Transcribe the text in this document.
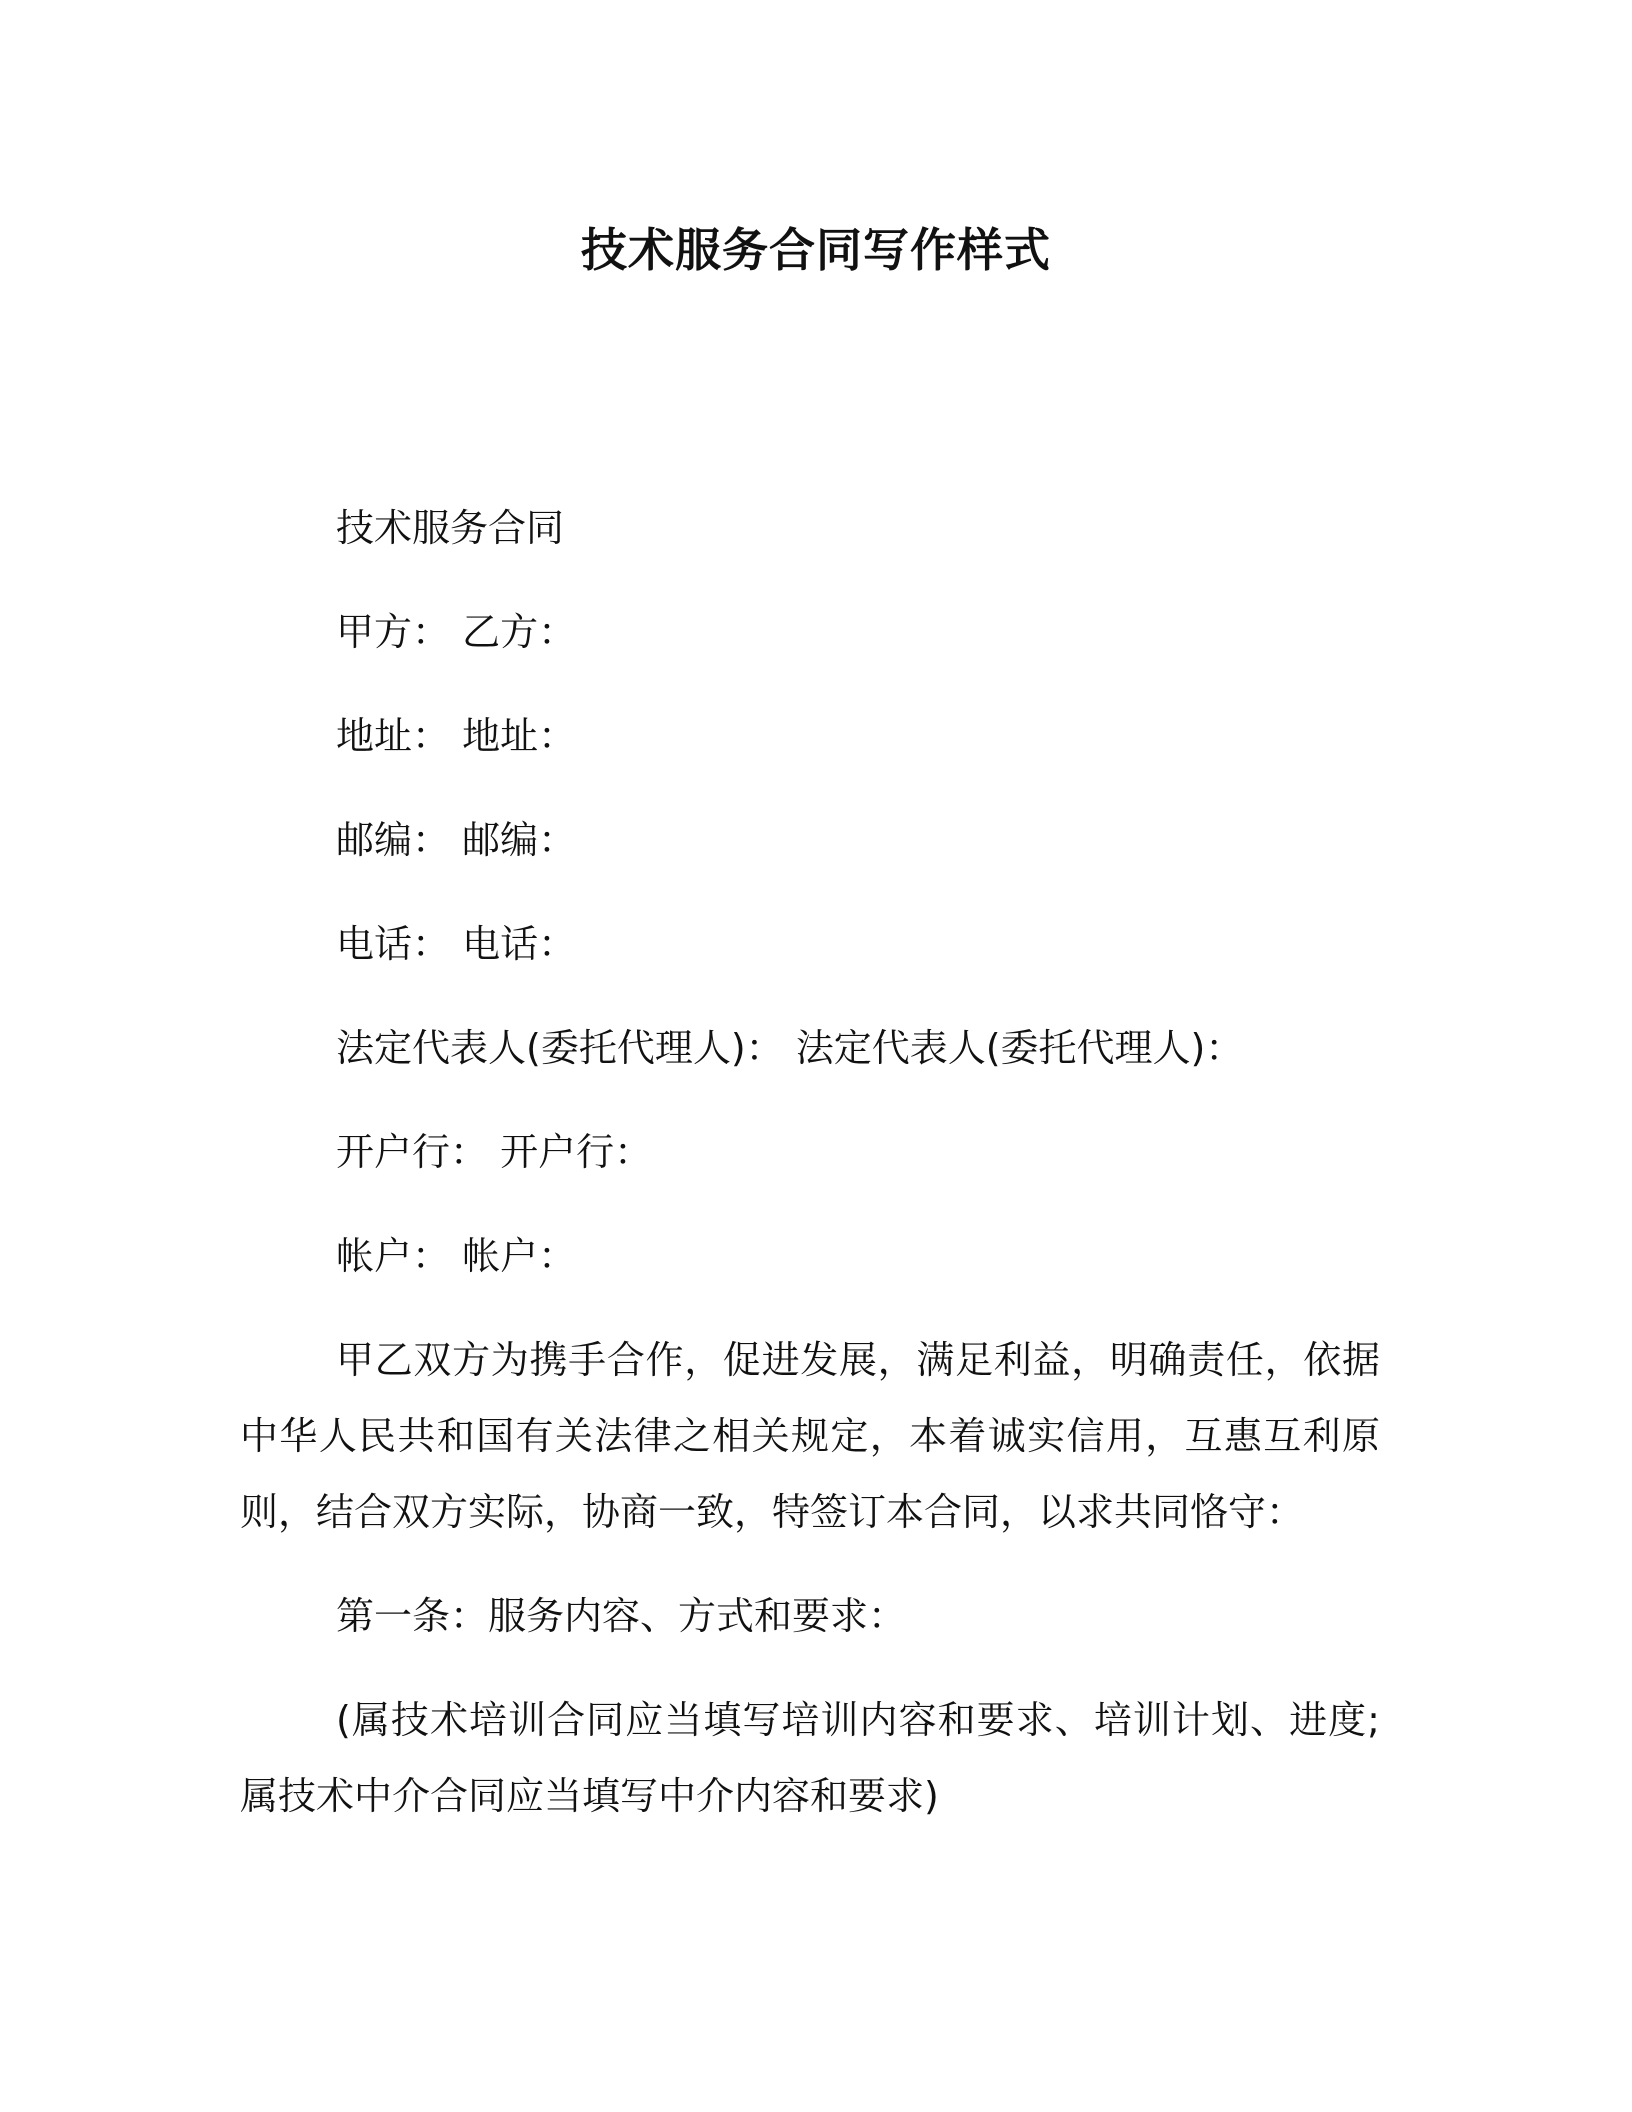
技术服务合同写作样式
技术服务合同
甲方： 乙方：
地址： 地址：
邮编： 邮编：
电话： 电话：
法定代表人(委托代理人)： 法定代表人(委托代理人)：
开户行： 开户行：
帐户： 帐户：
甲乙双方为携手合作，促进发展，满足利益，明确责任，依据中华人民共和国有关法律之相关规定，本着诚实信用，互惠互利原则，结合双方实际，协商一致，特签订本合同，以求共同恪守：
第一条：服务内容、方式和要求：
(属技术培训合同应当填写培训内容和要求、培训计划、进度;属技术中介合同应当填写中介内容和要求)
